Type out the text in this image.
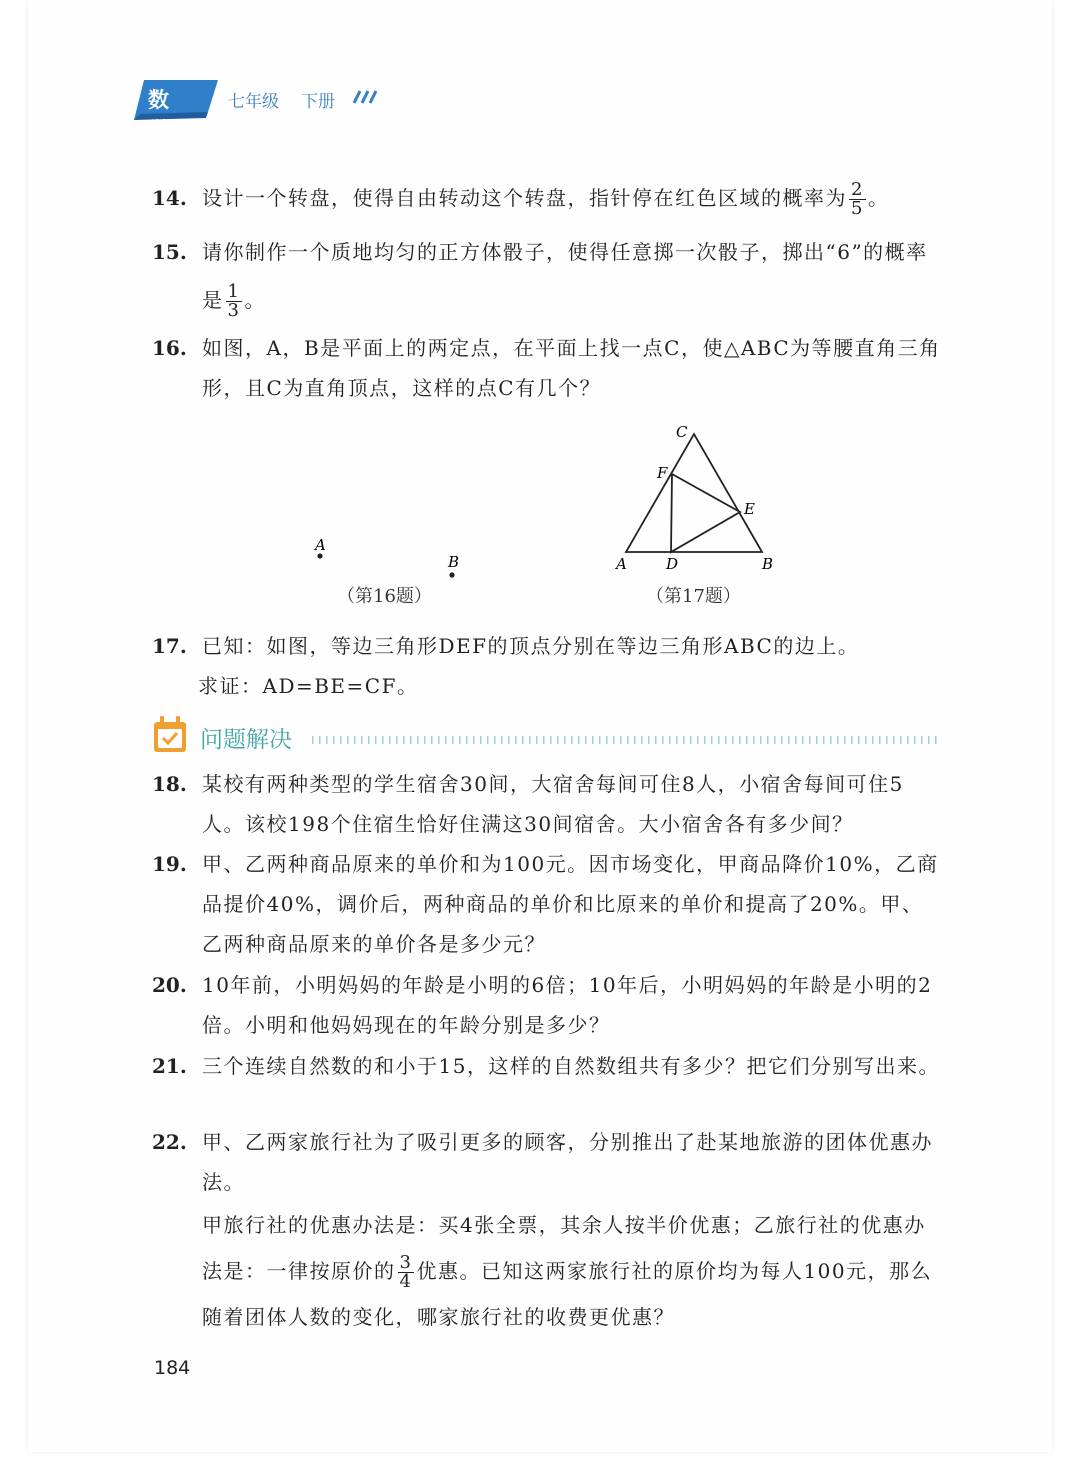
数学
七年级 下册
14. 设计一个转盘，使得自由转动这个转盘，指针停在红色区域的概率为 $\frac{2}{5}$ 。
15. 请你制作一个质地均匀的正方体骰子，使得任意掷一次骰子，掷出“6”的概率是 $\frac{1}{3}$ 。
16. 如图，A，B是平面上的两定点，在平面上找一点C，使△ABC为等腰直角三角形，且C为直角顶点，这样的点C有几个？
A
B
（第16题）
C
F
E
A	D	B
（第17题）
17. 已知：如图，等边三角形DEF的顶点分别在等边三角形ABC的边上。
求证：AD=BE=CF。
问题解决
18. 某校有两种类型的学生宿舍30间，大宿舍每间可住8人，小宿舍每间可住5人。该校198个住宿生恰好住满这30间宿舍。大小宿舍各有多少间？
19. 甲、乙两种商品原来的单价和为100元。因市场变化，甲商品降价10%，乙商品提价40%，调价后，两种商品的单价和比原来的单价和提高了20%。甲、乙两种商品原来的单价各是多少元？
20. 10年前，小明妈妈的年龄是小明的6倍；10年后，小明妈妈的年龄是小明的2倍。小明和他妈妈现在的年龄分别是多少？
21. 三个连续自然数的和小于15，这样的自然数组共有多少？把它们分别写出来。
22. 甲、乙两家旅行社为了吸引更多的顾客，分别推出了赴某地旅游的团体优惠办法。
甲旅行社的优惠办法是：买4张全票，其余人按半价优惠；乙旅行社的优惠办法是：一律按原价的 $\frac{3}{4}$ 优惠。已知这两家旅行社的原价均为每人100元，那么随着团体人数的变化，哪家旅行社的收费更优惠？
184
